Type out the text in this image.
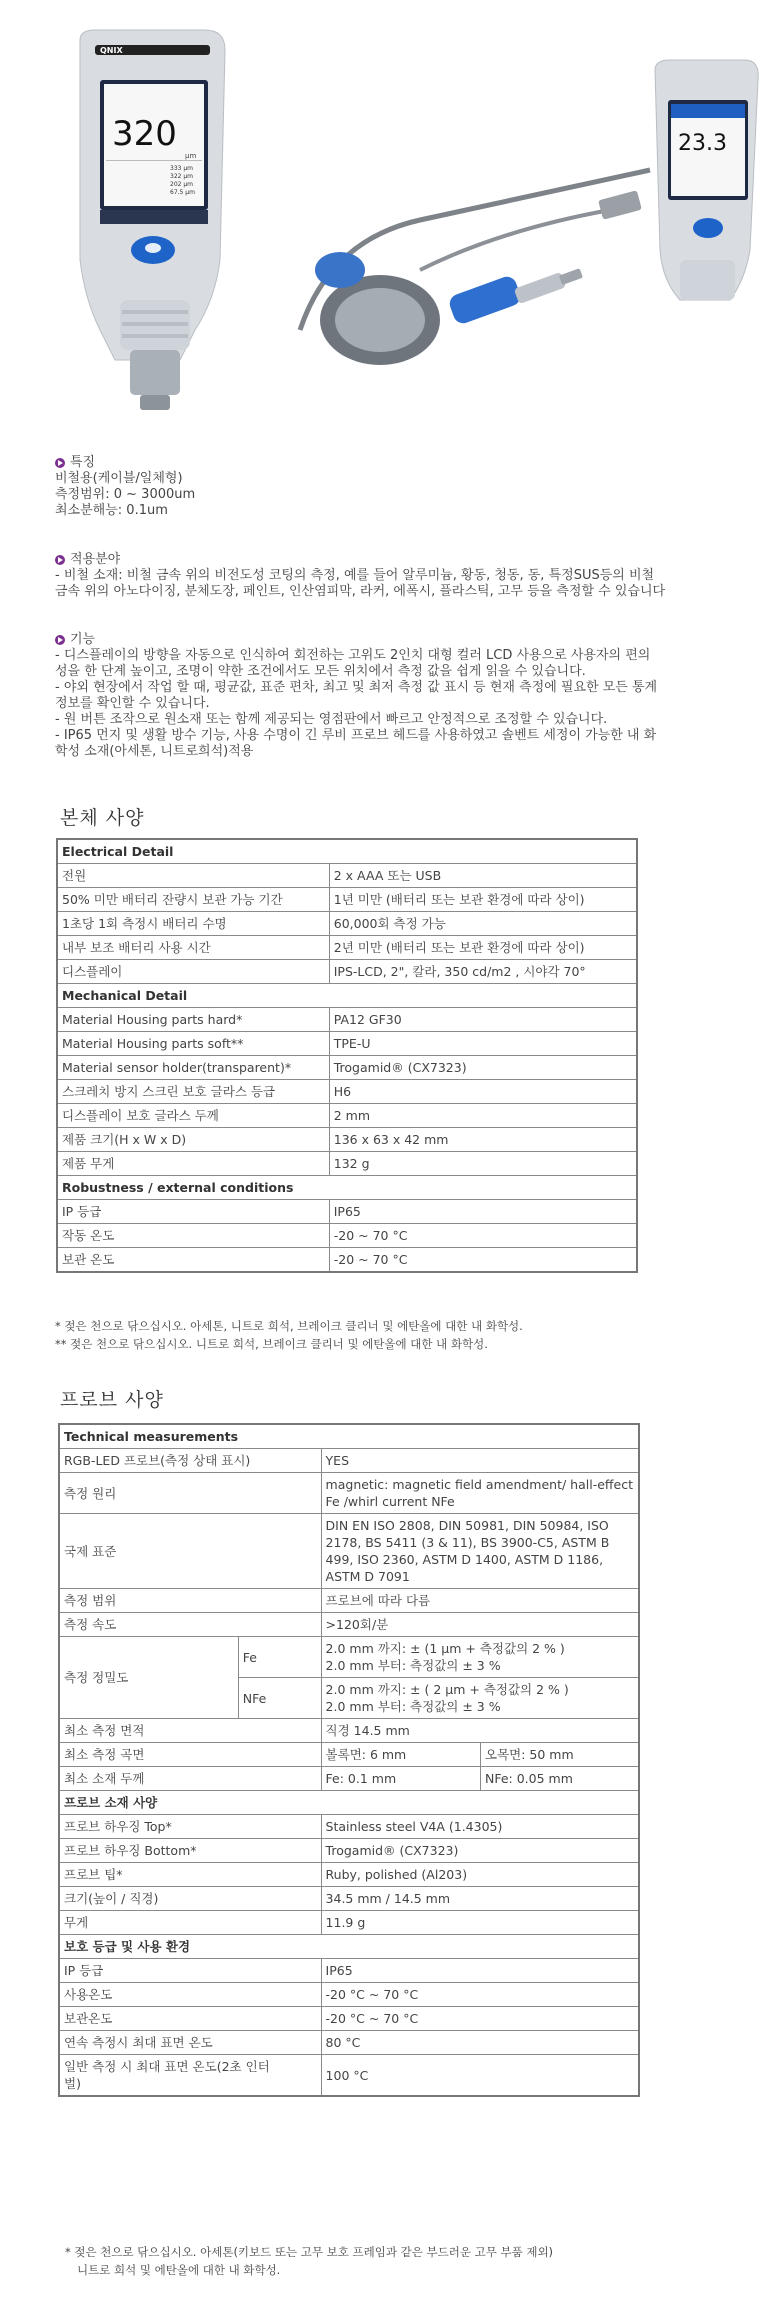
QNIX
320
µm
333 µm
322 µm
202 µm
67.5 µm
23.3
특징
비철용(케이블/일체형)
측정범위: 0 ~ 3000um
최소분해능: 0.1um
적용분야
- 비철 소재: 비철 금속 위의 비전도성 코팅의 측정, 예를 들어 알루미늄, 황동, 청동, 동, 특정SUS등의 비철
금속 위의 아노다이징, 분체도장, 페인트, 인산염피막, 라커, 에폭시, 플라스틱, 고무 등을 측정할 수 있습니다
기능
- 디스플레이의 방향을 자동으로 인식하여 회전하는 고위도 2인치 대형 컬러 LCD 사용으로 사용자의 편의
성을 한 단계 높이고, 조명이 약한 조건에서도 모든 위치에서 측정 값을 쉽게 읽을 수 있습니다.
- 야외 현장에서 작업 할 때, 평균값, 표준 편차, 최고 및 최저 측정 값 표시 등 현재 측정에 필요한 모든 통계
정보를 확인할 수 있습니다.
- 원 버튼 조작으로 원소재 또는 함께 제공되는 영점판에서 빠르고 안정적으로 조정할 수 있습니다.
- IP65 먼지 및 생활 방수 기능, 사용 수명이 긴 루비 프로브 헤드를 사용하였고 솔벤트 세정이 가능한 내 화
학성 소재(아세톤, 니트로희석)적용
본체 사양
Electrical Detail	
전원	2 x AAA 또는 USB
50% 미만 배터리 잔량시 보관 가능 기간	1년 미만 (배터리 또는 보관 환경에 따라 상이)
1초당 1회 측정시 배터리 수명	60,000회 측정 가능
내부 보조 배터리 사용 시간	2년 미만 (배터리 또는 보관 환경에 따라 상이)
디스플레이	IPS-LCD, 2", 칼라, 350 cd/m2 , 시야각 70°
Mechanical Detail	
Material Housing parts hard*	PA12 GF30
Material Housing parts soft**	TPE-U
Material sensor holder(transparent)*	Trogamid® (CX7323)
스크레치 방지 스크린 보호 글라스 등급	H6
디스플레이 보호 글라스 두께	2 mm
제품 크기(H x W x D)	136 x 63 x 42 mm
제품 무게	132 g
Robustness / external conditions	
IP 등급	IP65
작동 온도	-20 ~ 70 °C
보관 온도	-20 ~ 70 °C
* 젖은 천으로 닦으십시오. 아세톤, 니트로 희석, 브레이크 클리너 및 에탄올에 대한 내 화학성.
** 젖은 천으로 닦으십시오. 니트로 희석, 브레이크 클리너 및 에탄올에 대한 내 화학성.
프로브 사양
Technical measurements			
RGB-LED 프로브(측정 상태 표시)		YES	
측정 원리		magnetic: magnetic field amendment/ hall-effect
Fe /whirl current NFe	

국제 표준		DIN EN ISO 2808, DIN 50981, DIN 50984, ISO
2178, BS 5411 (3 & 11), BS 3900-C5, ASTM B
499, ISO 2360, ASTM D 1400, ASTM D 1186,
ASTM D 7091	

측정 범위		프로브에 따라 다름	
측정 속도		>120회/분	
측정 정밀도	Fe	2.0 mm 까지: ± (1 µm + 측정값의 2 % )
2.0 mm 부터: 측정값의 ± 3 %	

	NFe	2.0 mm 까지: ± ( 2 µm + 측정값의 2 % )
2.0 mm 부터: 측정값의 ± 3 %	

최소 측정 면적		직경 14.5 mm	
최소 측정 곡면		볼록면: 6 mm	오목면: 50 mm
최소 소재 두께		Fe: 0.1 mm	NFe: 0.05 mm
프로브 소재 사양			
프로브 하우징 Top*		Stainless steel V4A (1.4305)	
프로브 하우징 Bottom*		Trogamid® (CX7323)	
프로브 팁*		Ruby, polished (Al203)	
크기(높이 / 직경)		34.5 mm / 14.5 mm	
무게		11.9 g	
보호 등급 및 사용 환경			
IP 등급		IP65	
사용온도		-20 °C ~ 70 °C	
보관온도		-20 °C ~ 70 °C	
연속 측정시 최대 표면 온도		80 °C	

일반 측정 시 최대 표면 온도(2초 인터
벌)		100 °C	
* 젖은 천으로 닦으십시오. 아세톤(키보드 또는 고무 보호 프레임과 같은 부드러운 고무 부품 제외)
니트로 희석 및 에탄올에 대한 내 화학성.
